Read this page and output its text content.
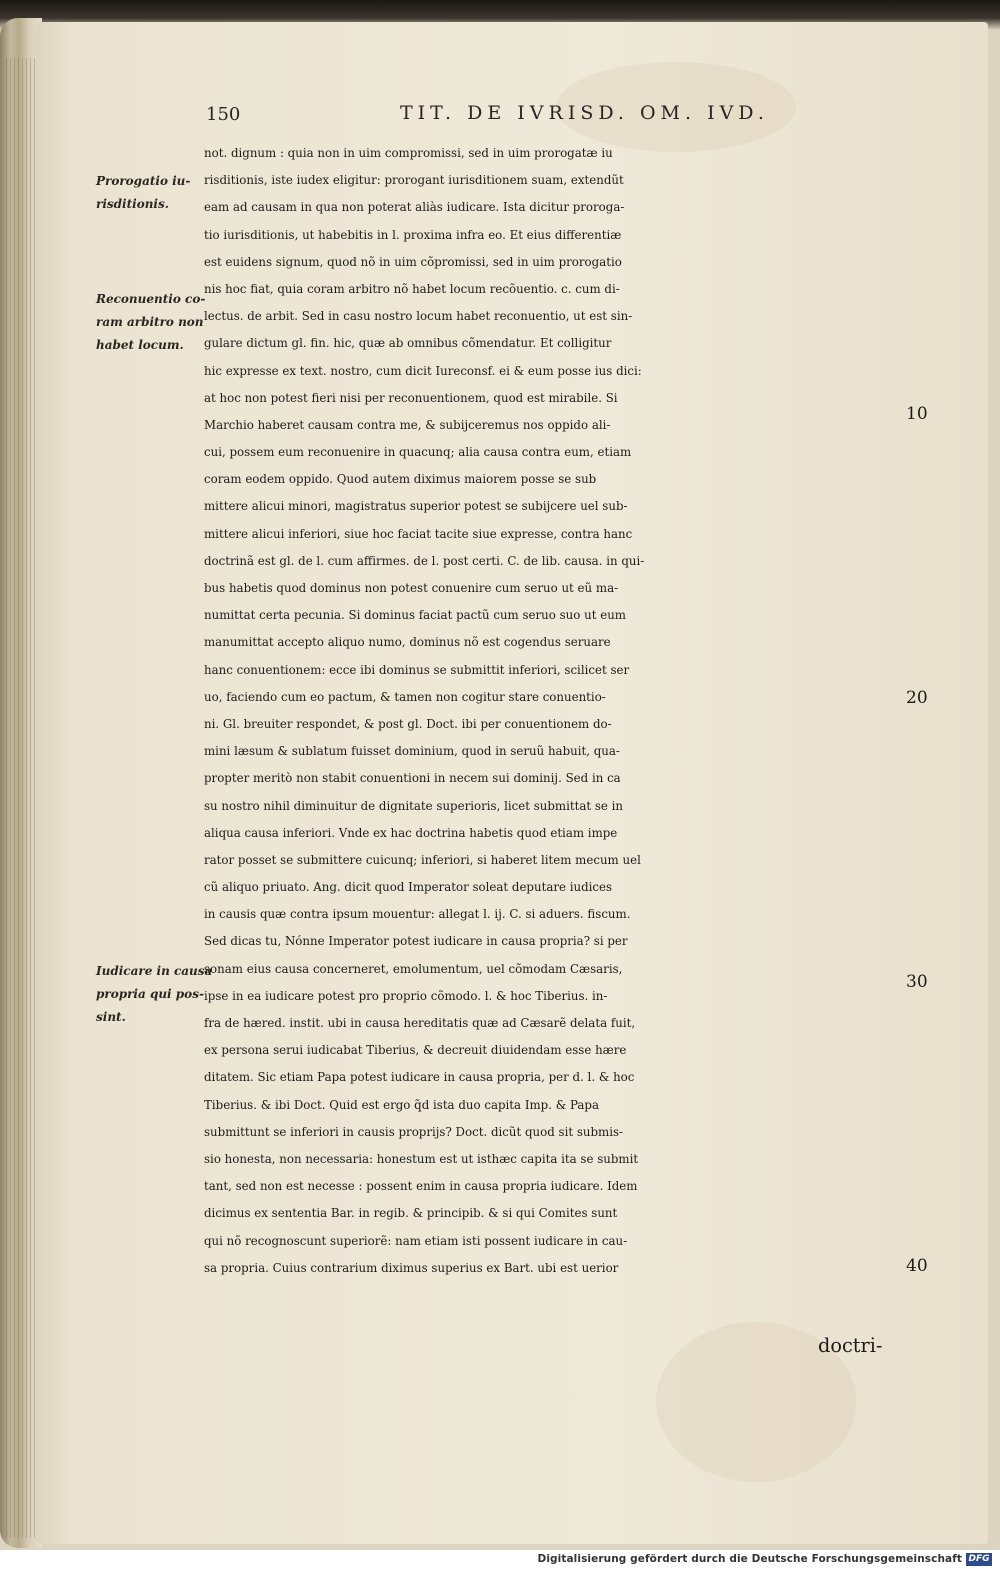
150	TIT. DE IVRISD. OM. IVD.
Prorogatio iu-
risditionis.
Reconuentio co-
ram arbitro non
habet locum.
Iudicare in causa
propria qui pos-
sint.
not. dignum : quia non in uim compromissi, sed in uim prorogatæ iu
risditionis, iste iudex eligitur: prorogant iurisditionem suam, extendũt
eam ad causam in qua non poterat aliàs iudicare. Ista dicitur proroga-
tio iurisditionis, ut habebitis in l. proxima infra eo. Et eius differentiæ
est euidens signum, quod nõ in uim cõpromissi, sed in uim prorogatio
nis hoc fiat, quia coram arbitro nõ habet locum recõuentio. c. cum di-
lectus. de arbit. Sed in casu nostro locum habet reconuentio, ut est sin-
gulare dictum gl. fin. hic, quæ ab omnibus cõmendatur. Et colligitur
hic expresse ex text. nostro, cum dicit Iureconsf. ei & eum posse ius dici:
at hoc non potest fieri nisi per reconuentionem, quod est mirabile. Si
Marchio haberet causam contra me, & subijceremus nos oppido ali-
cui, possem eum reconuenire in quacunq; alia causa contra eum, etiam
coram eodem oppido. Quod autem diximus maiorem posse se sub
mittere alicui minori, magistratus superior potest se subijcere uel sub-
mittere alicui inferiori, siue hoc faciat tacite siue expresse, contra hanc
doctrinã est gl. de l. cum affirmes. de l. post certi. C. de lib. causa. in qui-
bus habetis quod dominus non potest conuenire cum seruo ut eũ ma-
numittat certa pecunia. Si dominus faciat pactũ cum seruo suo ut eum
manumittat accepto aliquo numo, dominus nõ est cogendus seruare
hanc conuentionem: ecce ibi dominus se submittit inferiori, scilicet ser
uo, faciendo cum eo pactum, & tamen non cogitur stare conuentio-
ni. Gl. breuiter respondet, & post gl. Doct. ibi per conuentionem do-
mini læsum & sublatum fuisset dominium, quod in seruũ habuit, qua-
propter meritò non stabit conuentioni in necem sui dominij. Sed in ca
su nostro nihil diminuitur de dignitate superioris, licet submittat se in
aliqua causa inferiori. Vnde ex hac doctrina habetis quod etiam impe
rator posset se submittere cuicunq; inferiori, si haberet litem mecum uel
cũ aliquo priuato. Ang. dicit quod Imperator soleat deputare iudices
in causis quæ contra ipsum mouentur: allegat l. ij. C. si aduers. fiscum.
Sed dicas tu, Nónne Imperator potest iudicare in causa propria? si per
sonam eius causa concerneret, emolumentum, uel cõmodam Cæsaris,
ipse in ea iudicare potest pro proprio cõmodo. l. & hoc Tiberius. in-
fra de hæred. instit. ubi in causa hereditatis quæ ad Cæsarẽ delata fuit,
ex persona serui iudicabat Tiberius, & decreuit diuidendam esse hære
ditatem. Sic etiam Papa potest iudicare in causa propria, per d. l. & hoc
Tiberius. & ibi Doct. Quid est ergo q̃d ista duo capita Imp. & Papa
submittunt se inferiori in causis proprijs? Doct. dicũt quod sit submis-
sio honesta, non necessaria: honestum est ut isthæc capita ita se submit
tant, sed non est necesse : possent enim in causa propria iudicare. Idem
dicimus ex sententia Bar. in regib. & principib. & si qui Comites sunt
qui nõ recognoscunt superiorẽ: nam etiam isti possent iudicare in cau-
sa propria. Cuius contrarium diximus superius ex Bart. ubi est uerior
10
20
30
40
doctri-
Digitalisierung gefördert durch die Deutsche Forschungsgemeinschaft DFG
